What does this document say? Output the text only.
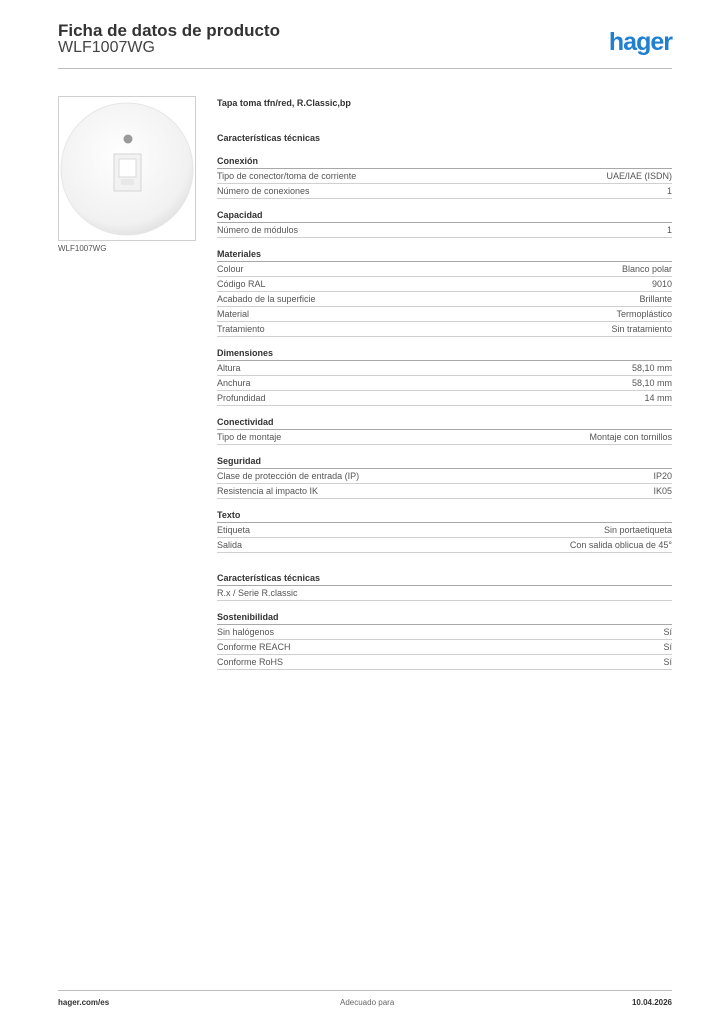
Ficha de datos de producto
WLF1007WG	hager
WLF1007WG
Tapa toma tfn/red, R.Classic,bp
Características técnicas
Conexión
Tipo de conector/toma de corriente	UAE/IAE (ISDN)
Número de conexiones	1
Capacidad
Número de módulos	1
Materiales
Colour	Blanco polar
Código RAL	9010
Acabado de la superficie	Brillante
Material	Termoplástico
Tratamiento	Sin tratamiento
Dimensiones
Altura	58,10 mm
Anchura	58,10 mm
Profundidad	14 mm
Conectividad
Tipo de montaje	Montaje con tornillos
Seguridad
Clase de protección de entrada (IP)	IP20
Resistencia al impacto IK	IK05
Texto
Etiqueta	Sin portaetiqueta
Salida	Con salida oblicua de 45°
Características técnicas
R.x / Serie R.classic
Sostenibilidad
Sin halógenos	Sí
Conforme REACH	Sí
Conforme RoHS	Sí
hager.com/es	Adecuado para	10.04.2026
